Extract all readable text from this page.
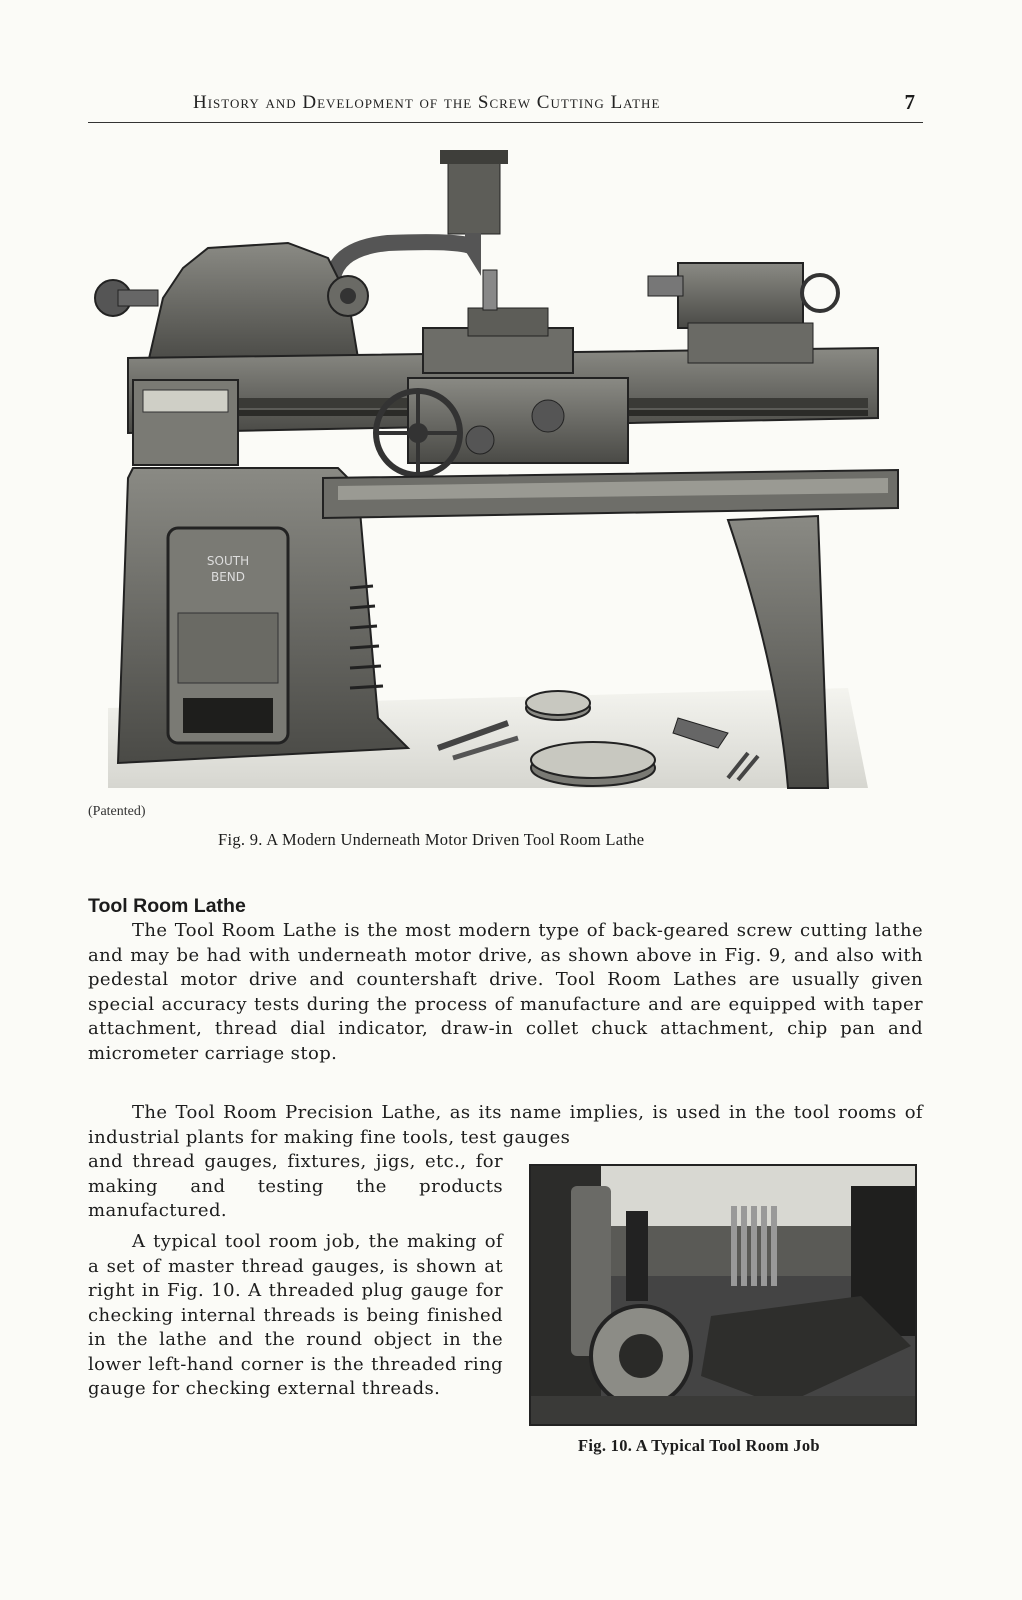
History and Development of the Screw Cutting Lathe	7
SOUTH
BEND
(Patented)
Fig. 9. A Modern Underneath Motor Driven Tool Room Lathe
Tool Room Lathe

The Tool Room Lathe is the most modern type of back-geared screw cutting lathe and may be had with underneath motor drive, as shown above in Fig. 9, and also with pedestal motor drive and countershaft drive. Tool Room Lathes are usually given special accuracy tests during the process of manufacture and are equipped with taper attachment, thread dial indicator, draw-in collet chuck attachment, chip pan and micrometer carriage stop.

The Tool Room Precision Lathe, as its name implies, is used in the tool rooms of industrial plants for making fine tools, test gauges

and thread gauges, fixtures, jigs, etc., for making and testing the products manufactured.

A typical tool room job, the making of a set of master thread gauges, is shown at right in Fig. 10. A threaded plug gauge for checking internal threads is being finished in the lathe and the round object in the lower left-hand corner is the threaded ring gauge for checking external threads.

Fig. 10. A Typical Tool Room Job
